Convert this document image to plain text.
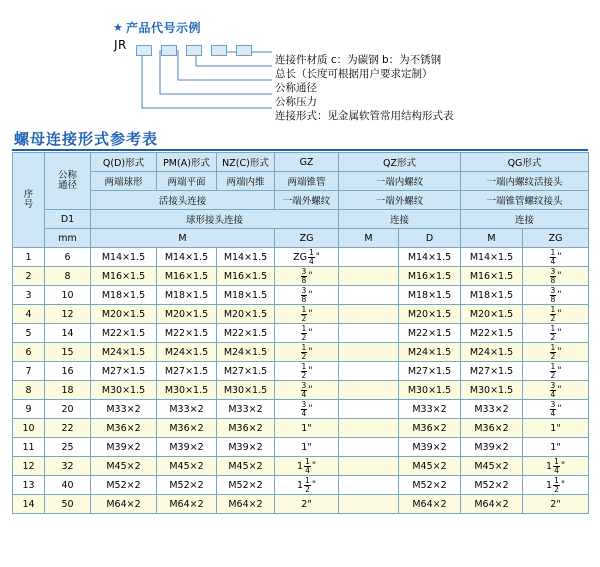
★ 产品代号示例
JR

连接件材质 c：为碳钢 b：为不锈钢
总长（长度可根据用户要求定制）
公称通径
公称压力
连接形式：见金属软管常用结构形式表
螺母连接形式参考表
序
号	公称
通径	Q(D)形式	PM(A)形式	NZ(C)形式	GZ	QZ形式		QG形式	
		两端球形	两端平面	两端内维	两端锥管	一端内螺纹		一端内螺纹活接头	
		活接头连接			一端外螺纹	一端外螺纹		一端锥管螺纹接头	
	D1	球形接头连接				连接		连接	
	mm	M			ZG	M	D	M	ZG
1	6	M14×1.5	M14×1.5	M14×1.5	ZG $\frac{1}{4}$ "		M14×1.5	M14×1.5	$\frac{1}{4}$ "

2	8	M16×1.5	M16×1.5	M16×1.5	$\frac{3}{8}$ "		M16×1.5	M16×1.5	$\frac{3}{8}$ "

3	10	M18×1.5	M18×1.5	M18×1.5	$\frac{3}{8}$ "		M18×1.5	M18×1.5	$\frac{3}{8}$ "

4	12	M20×1.5	M20×1.5	M20×1.5	$\frac{1}{2}$ "		M20×1.5	M20×1.5	$\frac{1}{2}$ "

5	14	M22×1.5	M22×1.5	M22×1.5	$\frac{1}{2}$ "		M22×1.5	M22×1.5	$\frac{1}{2}$ "

6	15	M24×1.5	M24×1.5	M24×1.5	$\frac{1}{2}$ "		M24×1.5	M24×1.5	$\frac{1}{2}$ "

7	16	M27×1.5	M27×1.5	M27×1.5	$\frac{1}{2}$ "		M27×1.5	M27×1.5	$\frac{1}{2}$ "

8	18	M30×1.5	M30×1.5	M30×1.5	$\frac{3}{4}$ "		M30×1.5	M30×1.5	$\frac{3}{4}$ "

9	20	M33×2	M33×2	M33×2	$\frac{3}{4}$ "		M33×2	M33×2	$\frac{3}{4}$ "

10	22	M36×2	M36×2	M36×2	1"		M36×2	M36×2	1"
11	25	M39×2	M39×2	M39×2	1"		M39×2	M39×2	1"
12	32	M45×2	M45×2	M45×2	$1 \frac{1}{4}$ "		M45×2	M45×2	$1 \frac{1}{4}$ "

13	40	M52×2	M52×2	M52×2	$1 \frac{1}{2}$ "		M52×2	M52×2	$1 \frac{1}{2}$ "

14	50	M64×2	M64×2	M64×2	2"		M64×2	M64×2	2"
